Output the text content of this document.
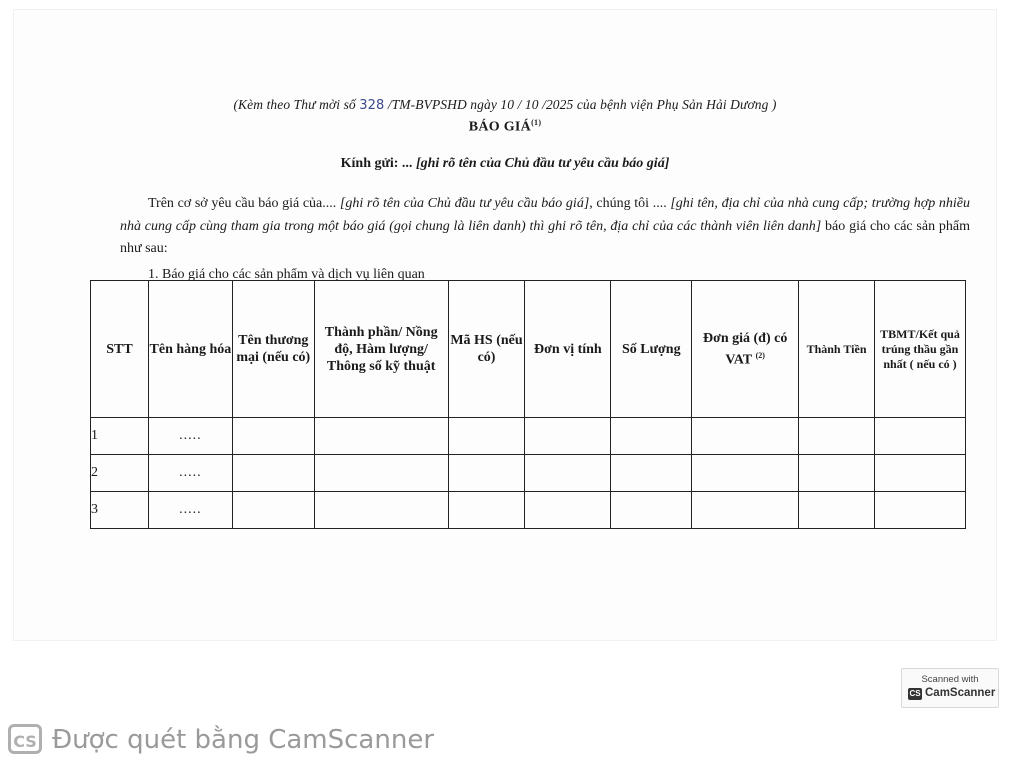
(Kèm theo Thư mời số 328 /TM-BVPSHD ngày 10 / 10 /2025 của bệnh viện Phụ Sản Hải Dương )
BÁO GIÁ$^{(1)}$
Kính gửi: ... [ghi rõ tên của Chủ đầu tư yêu cầu báo giá]
Trên cơ sở yêu cầu báo giá của.... [ghi rõ tên của Chủ đầu tư yêu cầu báo giá], chúng tôi .... [ghi tên, địa chỉ của nhà cung cấp; trường hợp nhiều nhà cung cấp cùng tham gia trong một báo giá (gọi chung là liên danh) thì ghi rõ tên, địa chỉ của các thành viên liên danh] báo giá cho các sản phẩm như sau:
1. Báo giá cho các sản phẩm và dịch vụ liên quan
STT	Tên hàng hóa	Tên thương mại (nếu có)	Thành phần/ Nồng độ, Hàm lượng/ Thông số kỹ thuật	Mã HS (nếu có)	Đơn vị tính	Số Lượng	Đơn giá (đ) có VAT $^{(2)}$	Thành Tiền	TBMT/Kết quả trúng thầu gần nhất ( nếu có )
1	.....								
2	.....								
3	.....								
Scanned with
CS CamScanner
CS Được quét bằng CamScanner
